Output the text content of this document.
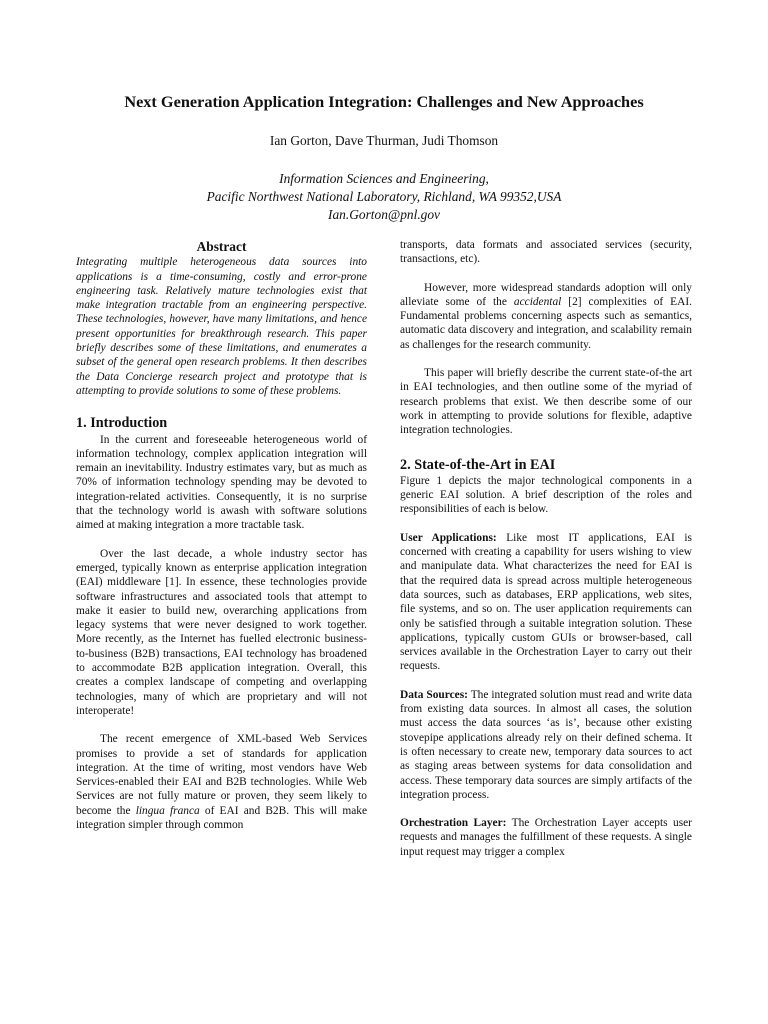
Next Generation Application Integration: Challenges and New Approaches
Ian Gorton, Dave Thurman, Judi Thomson
Information Sciences and Engineering,
Pacific Northwest National Laboratory, Richland, WA 99352,USA
Ian.Gorton@pnl.gov
Abstract

Integrating multiple heterogeneous data sources into applications is a time-consuming, costly and error-prone engineering task. Relatively mature technologies exist that make integration tractable from an engineering perspective. These technologies, however, have many limitations, and hence present opportunities for breakthrough research. This paper briefly describes some of these limitations, and enumerates a subset of the general open research problems. It then describes the Data Concierge research project and prototype that is attempting to provide solutions to some of these problems.

1. Introduction

In the current and foreseeable heterogeneous world of information technology, complex application integration will remain an inevitability. Industry estimates vary, but as much as 70% of information technology spending may be devoted to integration-related activities. Consequently, it is no surprise that the technology world is awash with software solutions aimed at making integration a more tractable task.

Over the last decade, a whole industry sector has emerged, typically known as enterprise application integration (EAI) middleware [1]. In essence, these technologies provide software infrastructures and associated tools that attempt to make it easier to build new, overarching applications from legacy systems that were never designed to work together. More recently, as the Internet has fuelled electronic business-to-business (B2B) transactions, EAI technology has broadened to accommodate B2B application integration. Overall, this creates a complex landscape of competing and overlapping technologies, many of which are proprietary and will not interoperate!

The recent emergence of XML-based Web Services promises to provide a set of standards for application integration. At the time of writing, most vendors have Web Services-enabled their EAI and B2B technologies. While Web Services are not fully mature or proven, they seem likely to become the lingua franca of EAI and B2B. This will make integration simpler through common

transports, data formats and associated services (security, transactions, etc).

However, more widespread standards adoption will only alleviate some of the accidental [2] complexities of EAI. Fundamental problems concerning aspects such as semantics, automatic data discovery and integration, and scalability remain as challenges for the research community.

This paper will briefly describe the current state-of-the art in EAI technologies, and then outline some of the myriad of research problems that exist. We then describe some of our work in attempting to provide solutions for flexible, adaptive integration technologies.

2. State-of-the-Art in EAI

Figure 1 depicts the major technological components in a generic EAI solution. A brief description of the roles and responsibilities of each is below.

User Applications: Like most IT applications, EAI is concerned with creating a capability for users wishing to view and manipulate data. What characterizes the need for EAI is that the required data is spread across multiple heterogeneous data sources, such as databases, ERP applications, web sites, file systems, and so on. The user application requirements can only be satisfied through a suitable integration solution. These applications, typically custom GUIs or browser-based, call services available in the Orchestration Layer to carry out their requests.

Data Sources: The integrated solution must read and write data from existing data sources. In almost all cases, the solution must access the data sources ‘as is’, because other existing stovepipe applications already rely on their defined schema. It is often necessary to create new, temporary data sources to act as staging areas between systems for data consolidation and access. These temporary data sources are simply artifacts of the integration process.

Orchestration Layer: The Orchestration Layer accepts user requests and manages the fulfillment of these requests. A single input request may trigger a complex
